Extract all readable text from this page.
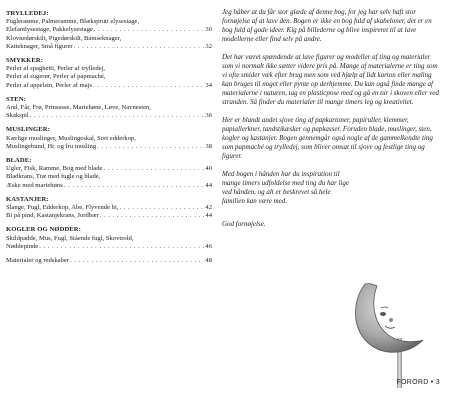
TRYLLEDEJ:
Fuglerамme, Palmeramme, Blæksprutt elysestage,
Elefantlysestage, Pakkelysestage . . .	30
Klovnedørskilt, Pigedørskilt, Bamseknager,
Katteknager, Små figurer . . .	32
SMYKKER:
Perler af spaghetti, Perler af trylledej,
Perler af sugerør, Perler af papmaché,
Perler af appelsin, Perler af majs . . .	34
STEN:
And, Får, Frø, Prinsesse, Mariehøne, Løve, Navnesten,
Skakspil . . .	36
MUSLINGER:
Kærlige muslinger, Muslingeskal, Sort edderkop,
Muslingebund, Hr. og fru musling . . .	38
BLADE:
Ugler, Fisk, Ramme, Bog med blade . . .	40
Bladkrans, Træ med fugle og blade,
Æske med mariehøns . . .	44
KASTANJER:
Slange, Fugl, Edderkop, Abe, Flyvende bi, . . .	42
Bi på pind, Kastanjekrans, Jordbær . . .	44
KOGLER OG NØDDER:
Skildpadde, Mus, Fugl, Stående fugl, Skovtrold,
Nøddepinde . . .	46
Materialer og redskaber . . .	48

Jeg håber at du får stor glæde af denne bog, for jeg har selv haft stor fornøjelse af at lave den. Bogen er ikke en bog fuld af skabeloner, det er en bog fuld af gode ideer. Kig på billederne og blive inspireret til at lave modellerne eller find selv på andre.

Det har været spændende at lave figurer og modeller af ting og materialer som vi normalt ikke sætter videre pris på. Mange af materialerne er ting som vi ofte smider væk efter brug men som ved hjælp af lidt karton eller maling kan bruges til noget eller pynte op derhjemme. Du kan også finde mange af materialerne i naturen, tag en plasticpose med og gå en tur i skoven eller ved stranden. Så finder du materialer til mange timers leg og kreativitet.

Her er blandt andet sjove ting af papkartoner, papiruller, klemmer, papiallerkner, tandstikæsker og papkasser. Foruden blade, muslinger, sten, kogler og kastanjer. Bogen gennemgår også nogle af de gammelkendte ting som papmaché og trylledej, som bliver omsat til sjove og festlige ting og figurer.

Med bogen i hånden har du inspiration til mange timers udfoldelse med ting du har lige ved hånden, og alt er beskrevet så hele familien kan være med.

God fornøjelse.

FORORD • 3
